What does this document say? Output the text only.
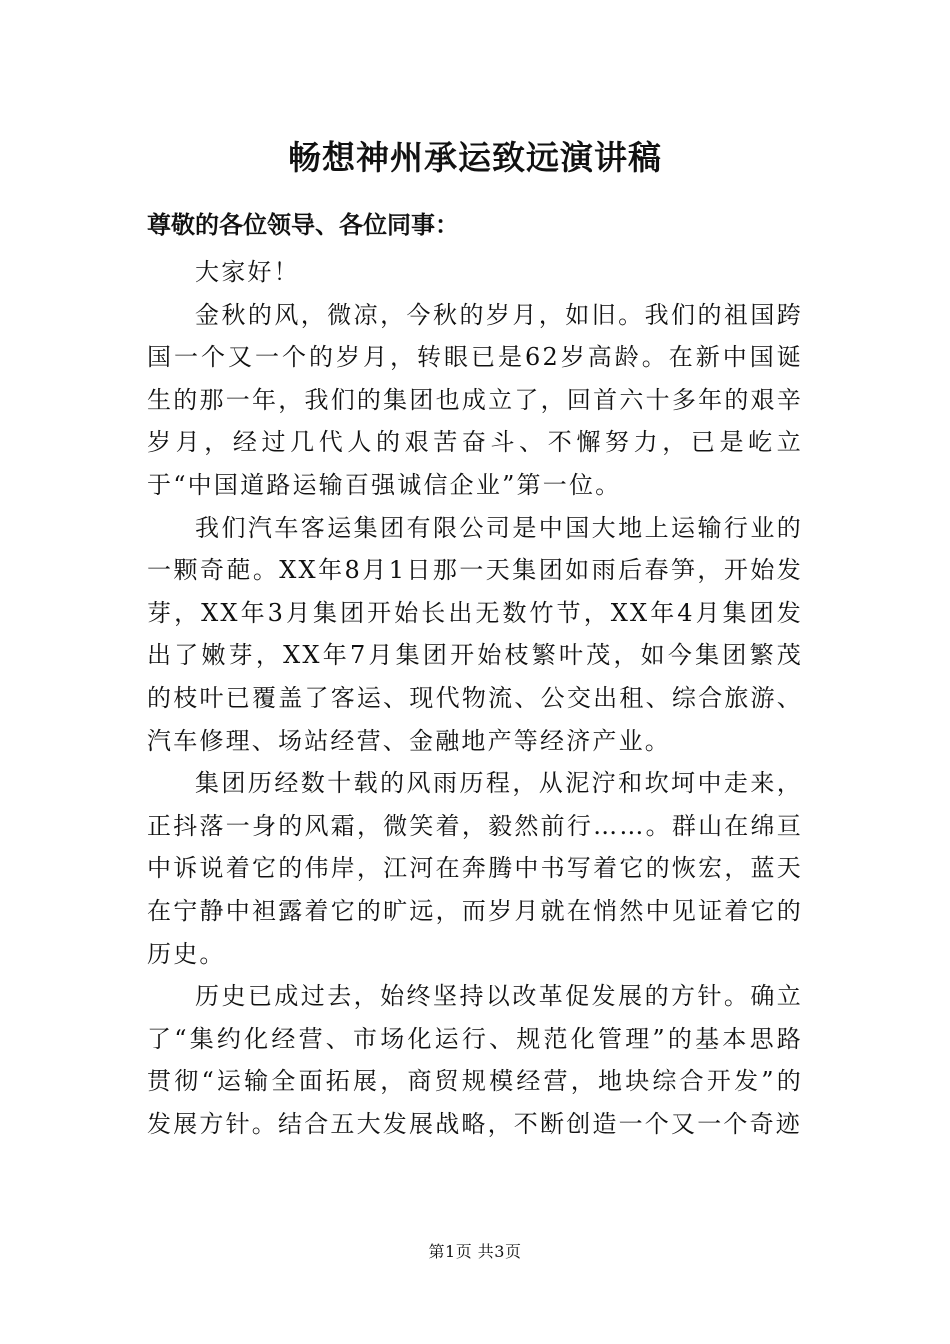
畅想神州承运致远演讲稿

尊敬的各位领导、各位同事：

大家好！

金秋的风，微凉，今秋的岁月，如旧。我们的祖国跨国一个又一个的岁月，转眼已是62岁高龄。在新中国诞生的那一年，我们的集团也成立了，回首六十多年的艰辛岁月，经过几代人的艰苦奋斗、不懈努力，已是屹立于“中国道路运输百强诚信企业”第一位。

我们汽车客运集团有限公司是中国大地上运输行业的一颗奇葩。XX年8月1日那一天集团如雨后春笋，开始发芽，XX年3月集团开始长出无数竹节，XX年4月集团发出了嫩芽，XX年7月集团开始枝繁叶茂，如今集团繁茂的枝叶已覆盖了客运、现代物流、公交出租、综合旅游、汽车修理、场站经营、金融地产等经济产业。

集团历经数十载的风雨历程，从泥泞和坎坷中走来，正抖落一身的风霜，微笑着，毅然前行……。群山在绵亘中诉说着它的伟岸，江河在奔腾中书写着它的恢宏，蓝天在宁静中袒露着它的旷远，而岁月就在悄然中见证着它的历史。

历史已成过去，始终坚持以改革促发展的方针。确立了“集约化经营、市场化运行、规范化管理”的基本思路贯彻“运输全面拓展，商贸规模经营，地块综合开发”的发展方针。结合五大发展战略，不断创造一个又一个奇迹

第1页 共3页
